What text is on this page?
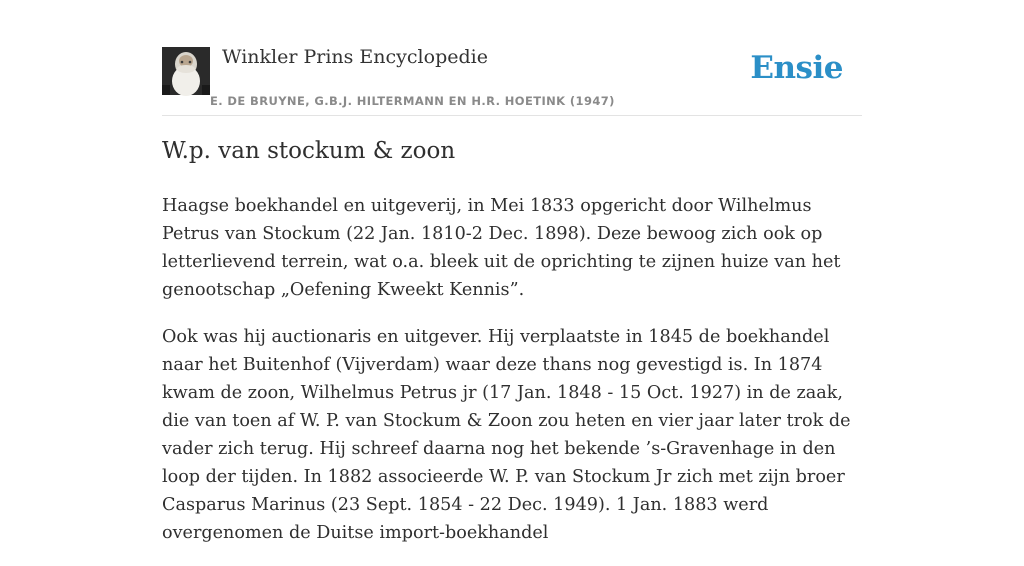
Winkler Prins Encyclopedie
E. DE BRUYNE, G.B.J. HILTERMANN EN H.R. HOETINK (1947)
Ensie
W.p. van stockum & zoon

Haagse boekhandel en uitgeverij, in Mei 1833 opgericht door Wilhelmus Petrus van Stockum (22 Jan. 1810-2 Dec. 1898). Deze bewoog zich ook op letterlievend terrein, wat o.a. bleek uit de oprichting te zijnen huize van het genootschap „Oefening Kweekt Kennis”.

Ook was hij auctionaris en uitgever. Hij verplaatste in 1845 de boekhandel naar het Buitenhof (Vijverdam) waar deze thans nog gevestigd is. In 1874 kwam de zoon, Wilhelmus Petrus jr (17 Jan. 1848 - 15 Oct. 1927) in de zaak, die van toen af W. P. van Stockum & Zoon zou heten en vier jaar later trok de vader zich terug. Hij schreef daarna nog het bekende ’s-Gravenhage in den loop der tijden. In 1882 associeerde W. P. van Stockum Jr zich met zijn broer Casparus Marinus (23 Sept. 1854 - 22 Dec. 1949). 1 Jan. 1883 werd overgenomen de Duitse import-boekhandel
